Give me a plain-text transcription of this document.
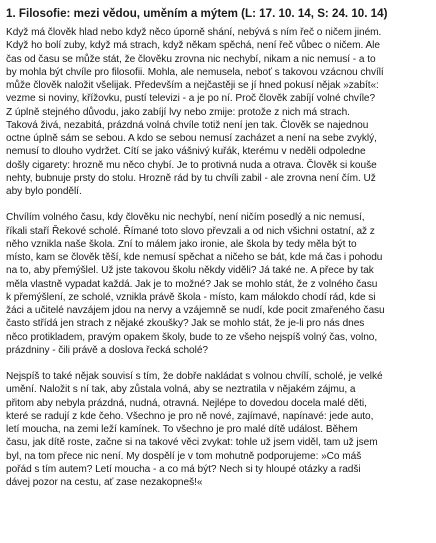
1. Filosofie: mezi vědou, uměním a mýtem (L: 17. 10. 14, S: 24. 10. 14)
Když má člověk hlad nebo když něco úporně shání, nebývá s ním řeč o ničem jiném.
Když ho bolí zuby, když má strach, když někam spěchá, není řeč vůbec o ničem. Ale
čas od času se může stát, že člověku zrovna nic nechybí, nikam a nic nemusí - a to
by mohla být chvíle pro filosofii. Mohla, ale nemusela, neboť s takovou vzácnou chvílí
může člověk naložit všelijak. Především a nejčastěji se jí hned pokusí nějak »zabít«:
vezme si noviny, křížovku, pustí televizi - a je po ní. Proč člověk zabíjí volné chvíle?
Z úplně stejného důvodu, jako zabíjí lvy nebo zmije: protože z nich má strach.
Taková živá, nezabitá, prázdná volná chvíle totiž není jen tak. Člověk se najednou
octne úplně sám se sebou. A kdo se sebou nemusí zacházet a není na sebe zvyklý,
nemusí to dlouho vydržet. Cítí se jako vášnivý kuřák, kterému v neděli odpoledne
došly cigarety: hrozně mu něco chybí. Je to protivná nuda a otrava. Člověk si kouše
nehty, bubnuje prsty do stolu. Hrozně rád by tu chvíli zabil - ale zrovna není čím. Už
aby bylo pondělí.
Chvílím volného času, kdy člověku nic nechybí, není ničím posedlý a nic nemusí,
říkali staří Řekové scholé. Římané toto slovo převzali a od nich všichni ostatní, až z
něho vznikla naše škola. Zní to málem jako ironie, ale škola by tedy měla být to
místo, kam se člověk těší, kde nemusí spěchat a ničeho se bát, kde má čas i pohodu
na to, aby přemýšlel. Už jste takovou školu někdy viděli? Já také ne. A přece by tak
měla vlastně vypadat každá. Jak je to možné? Jak se mohlo stát, že z volného času
k přemýšlení, ze scholé, vznikla právě škola - místo, kam málokdo chodí rád, kde si
žáci a učitelé navzájem jdou na nervy a vzájemně se nudí, kde pocit zmařeného času
často střídá jen strach z nějaké zkoušky? Jak se mohlo stát, že je-li pro nás dnes
něco protikladem, pravým opakem školy, bude to ze všeho nejspíš volný čas, volno,
prázdniny - čili právě a doslova řecká scholé?
Nejspíš to také nějak souvisí s tím, že dobře nakládat s volnou chvílí, scholé, je velké
umění. Naložit s ní tak, aby zůstala volná, aby se neztratila v nějakém zájmu, a
přitom aby nebyla prázdná, nudná, otravná. Nejlépe to dovedou docela malé děti,
které se radují z kde čeho. Všechno je pro ně nové, zajímavé, napínavé: jede auto,
letí moucha, na zemi leží kamínek. To všechno je pro malé dítě událost. Během
času, jak dítě roste, začne si na takové věci zvykat: tohle už jsem viděl, tam už jsem
byl, na tom přece nic není. My dospělí je v tom mohutně podporujeme: »Co máš
pořád s tím autem? Letí moucha - a co má být? Nech si ty hloupé otázky a radši
dávej pozor na cestu, ať zase nezakopneš!«
